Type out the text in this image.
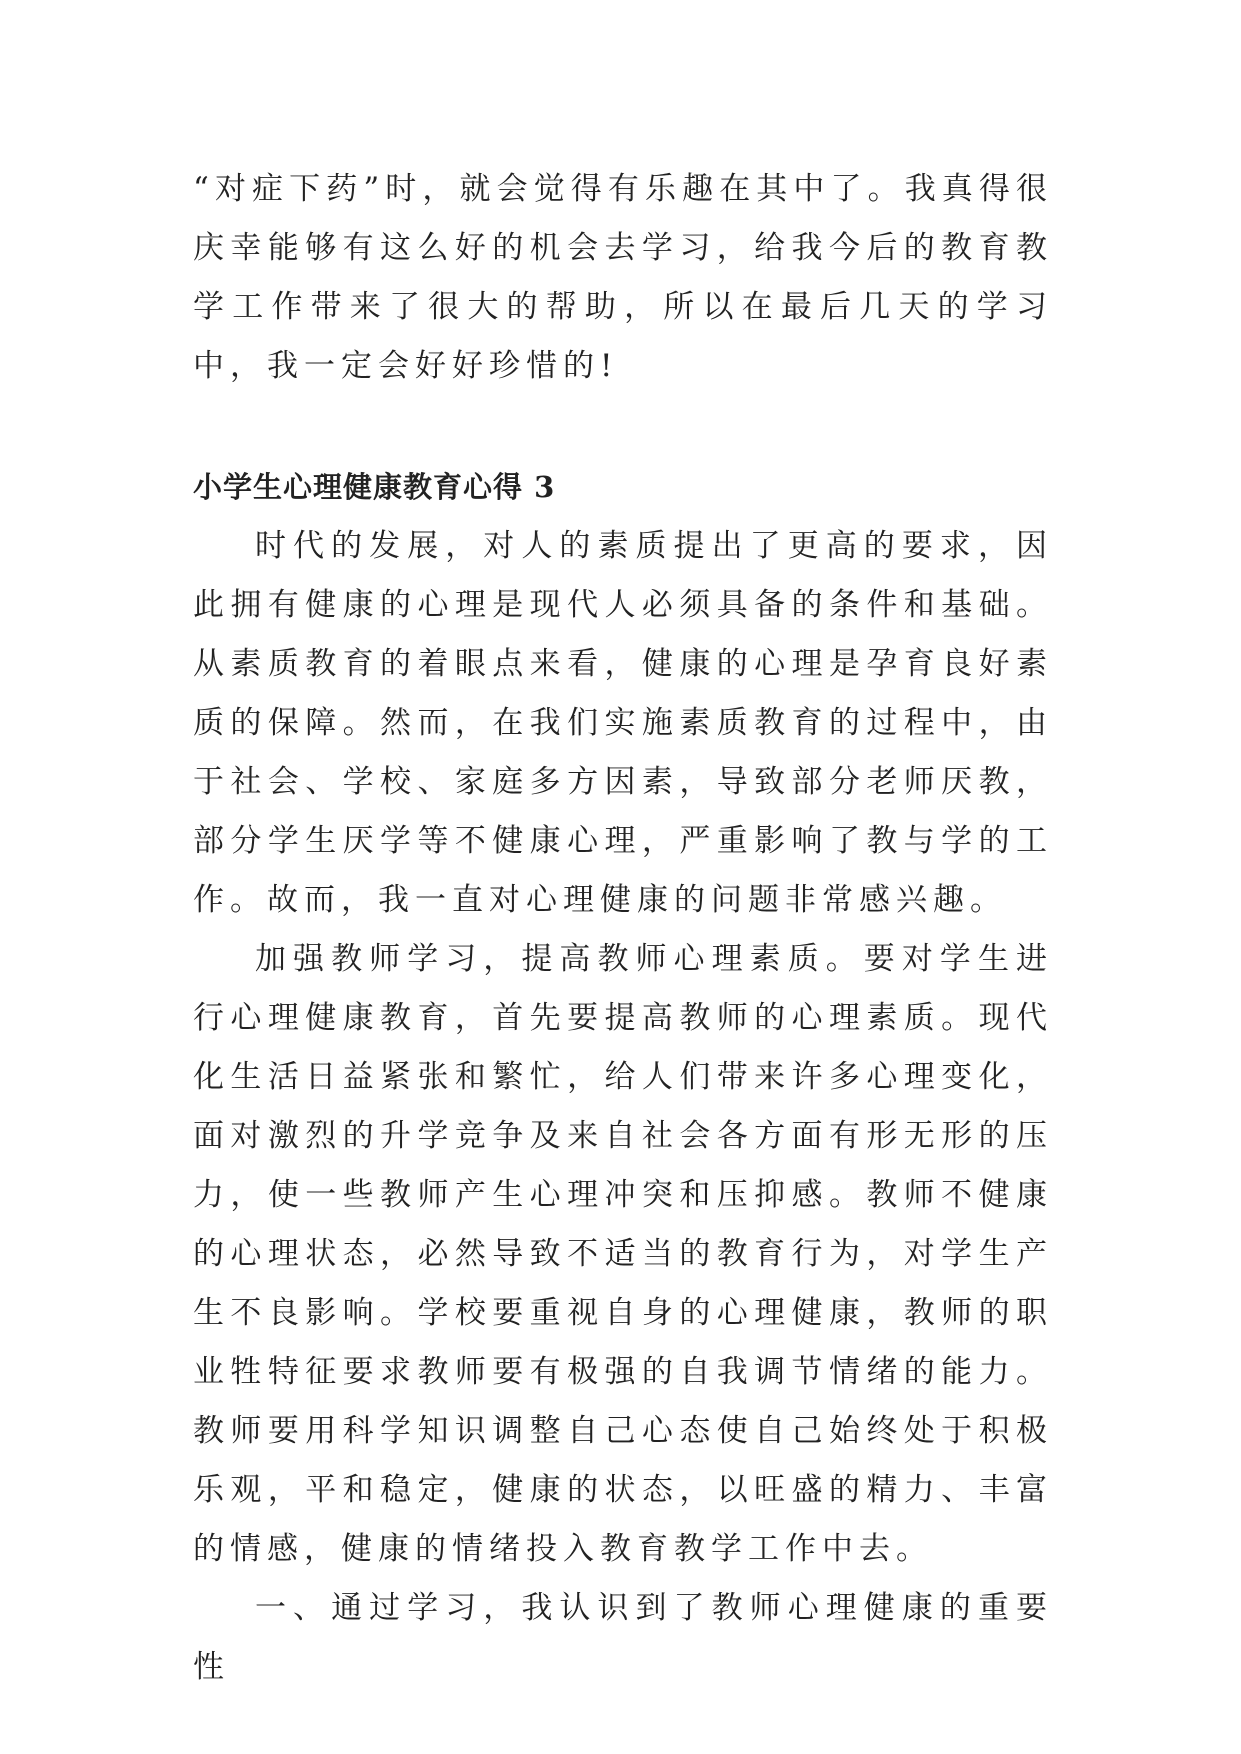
“对症下药”时，就会觉得有乐趣在其中了。我真得很庆幸能够有这么好的机会去学习，给我今后的教育教学工作带来了很大的帮助，所以在最后几天的学习中，我一定会好好珍惜的!

小学生心理健康教育心得 3

时代的发展，对人的素质提出了更高的要求，因此拥有健康的心理是现代人必须具备的条件和基础。从素质教育的着眼点来看，健康的心理是孕育良好素质的保障。然而，在我们实施素质教育的过程中，由于社会、学校、家庭多方因素，导致部分老师厌教，部分学生厌学等不健康心理，严重影响了教与学的工作。故而，我一直对心理健康的问题非常感兴趣。

加强教师学习，提高教师心理素质。要对学生进行心理健康教育，首先要提高教师的心理素质。现代化生活日益紧张和繁忙，给人们带来许多心理变化，面对激烈的升学竞争及来自社会各方面有形无形的压力，使一些教师产生心理冲突和压抑感。教师不健康的心理状态，必然导致不适当的教育行为，对学生产生不良影响。学校要重视自身的心理健康，教师的职业牲特征要求教师要有极强的自我调节情绪的能力。教师要用科学知识调整自己心态使自己始终处于积极乐观，平和稳定，健康的状态，以旺盛的精力、丰富的情感，健康的情绪投入教育教学工作中去。

一、通过学习，我认识到了教师心理健康的重要性
